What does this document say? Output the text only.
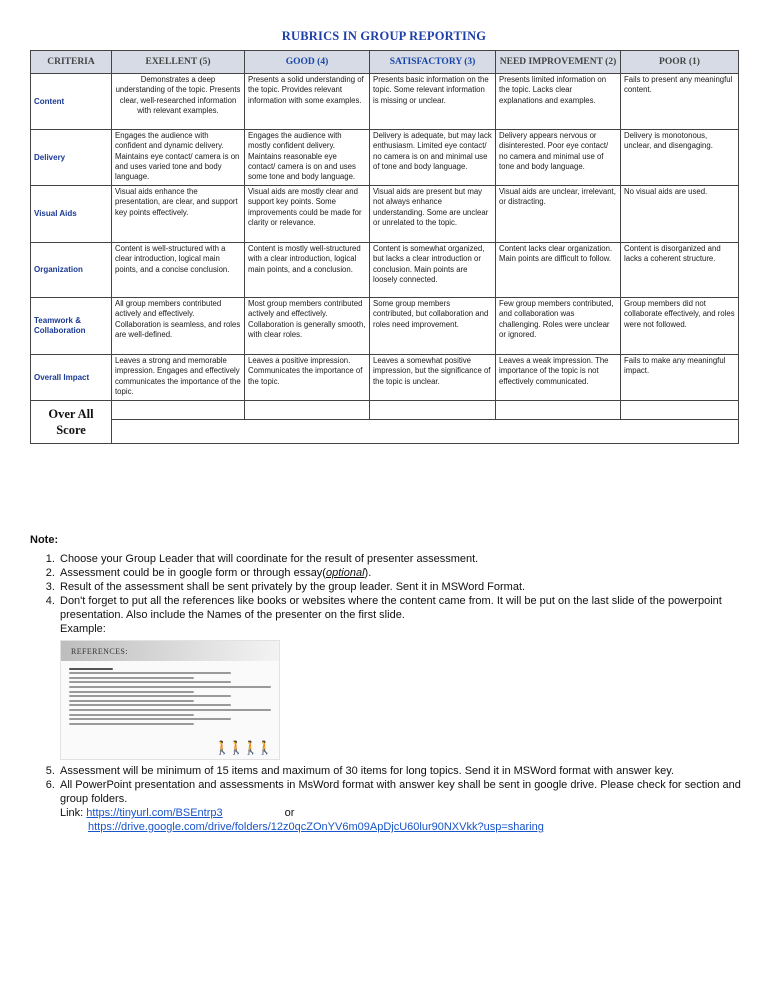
RUBRICS IN GROUP REPORTING
CRITERIA	EXELLENT (5)	GOOD (4)	SATISFACTORY (3)	NEED IMPROVEMENT (2)	POOR (1)
Content	Demonstrates a deep understanding of the topic. Presents clear, well-researched information with relevant examples.	Presents a solid understanding of the topic. Provides relevant information with some examples.	Presents basic information on the topic. Some relevant information is missing or unclear.	Presents limited information on the topic. Lacks clear explanations and examples.	Fails to present any meaningful content.
Delivery	Engages the audience with confident and dynamic delivery. Maintains eye contact/ camera is on and uses varied tone and body language.	Engages the audience with mostly confident delivery. Maintains reasonable eye contact/ camera is on and uses some tone and body language.	Delivery is adequate, but may lack enthusiasm. Limited eye contact/ no camera is on and minimal use of tone and body language.	Delivery appears nervous or disinterested. Poor eye contact/ no camera and minimal use of tone and body language.	Delivery is monotonous, unclear, and disengaging.
Visual Aids	Visual aids enhance the presentation, are clear, and support key points effectively.	Visual aids are mostly clear and support key points. Some improvements could be made for clarity or relevance.	Visual aids are present but may not always enhance understanding. Some are unclear or unrelated to the topic.	Visual aids are unclear, irrelevant, or distracting.	No visual aids are used.
Organization	Content is well-structured with a clear introduction, logical main points, and a concise conclusion.	Content is mostly well-structured with a clear introduction, logical main points, and a conclusion.	Content is somewhat organized, but lacks a clear introduction or conclusion. Main points are loosely connected.	Content lacks clear organization. Main points are difficult to follow.	Content is disorganized and lacks a coherent structure.
Teamwork & Collaboration	All group members contributed actively and effectively. Collaboration is seamless, and roles are well-defined.	Most group members contributed actively and effectively. Collaboration is generally smooth, with clear roles.	Some group members contributed, but collaboration and roles need improvement.	Few group members contributed, and collaboration was challenging. Roles were unclear or ignored.	Group members did not collaborate effectively, and roles were not followed.
Overall Impact	Leaves a strong and memorable impression. Engages and effectively communicates the importance of the topic.	Leaves a positive impression. Communicates the importance of the topic.	Leaves a somewhat positive impression, but the significance of the topic is unclear.	Leaves a weak impression. The importance of the topic is not effectively communicated.	Fails to make any meaningful impact.
Over All Score					

Note:
1. Choose your Group Leader that will coordinate for the result of presenter assessment.
2. Assessment could be in google form or through essay(optional).
3. Result of the assessment shall be sent privately by the group leader. Sent it in MSWord Format.
4. Don't forget to put all the references like books or websites where the content came from. It will be put on the last slide of the powerpoint presentation. Also include the Names of the presenter on the first slide.
Example:
REFERENCES:
🚶🚶🚶🚶
5. Assessment will be minimum of 15 items and maximum of 30 items for long topics. Send it in MSWord format with answer key.
6. All PowerPoint presentation and assessments in MsWord format with answer key shall be sent in google drive. Please check for section and group folders.
Link: https://tinyurl.com/BSEntrp3	or
https://drive.google.com/drive/folders/12z0qcZOnYV6m09ApDjcU60lur90NXVkk?usp=sharing
